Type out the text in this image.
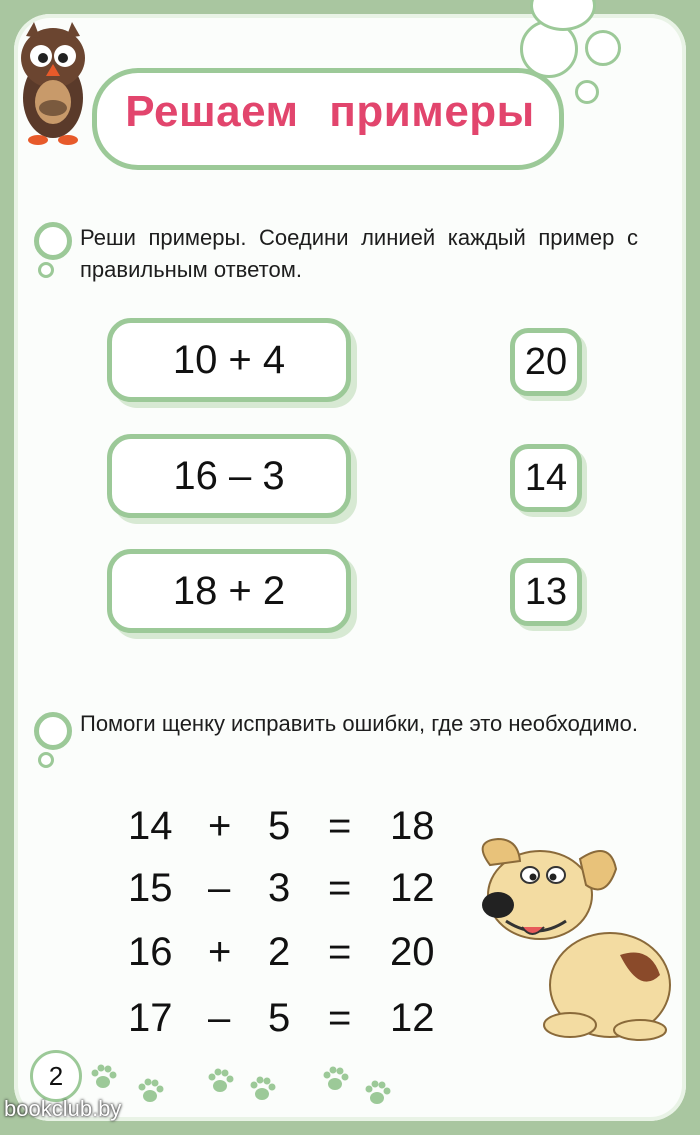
Решаем примеры
Реши примеры. Соедини линией каждый пример с правильным ответом.
10 + 4
16 – 3
18 + 2
20
14
13
Помоги щенку исправить ошибки, где это необходимо.
14 + 5 = 18
15 – 3 = 12
16 + 2 = 20
17 – 5 = 12
2
bookclub.by
